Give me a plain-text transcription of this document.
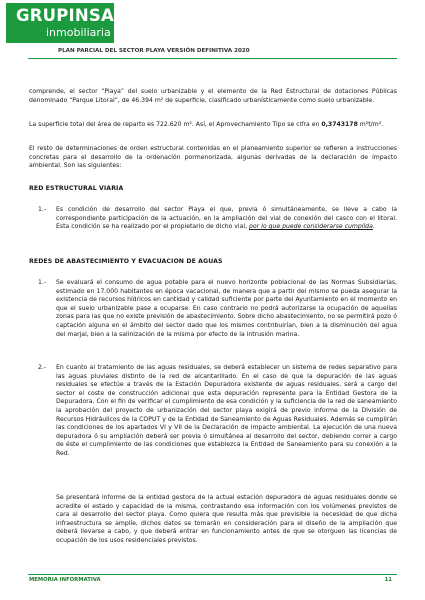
GRUPINSA
inmobiliaria
PLAN PARCIAL DEL SECTOR PLAYA VERSIÓN DEFINITIVA 2020

comprende, el sector “Playa” del suelo urbanizable y el elemento de la Red Estructural de dotaciones Públicas denominado “Parque Litoral”, de 46.394 m² de superficie, clasificado urbanísticamente como suelo urbanizable.

La superficie total del área de reparto es 722.620 m². Así, el Aprovechamiento Tipo se cifra en 0,3743178 m²t/m².

El resto de determinaciones de orden estructural contenidas en el planeamiento superior se refieren a instrucciones concretas para el desarrollo de la ordenación pormenorizada, algunas derivadas de la declaración de impacto ambiental. Son las siguientes:

RED ESTRUCTURAL VIARIA
1.- Es condición de desarrollo del sector Playa el que, previa ó simultáneamente, se lleve a cabo la correspondiente participación de la actuación, en la ampliación del vial de conexión del casco con el litoral. Esta condición se ha realizado por el propietario de dicho vial, por lo que puede considerarse cumplida.
REDES DE ABASTECIMIENTO Y EVACUACION DE AGUAS
1.- Se evaluará el consumo de agua potable para el nuevo horizonte poblacional de las Normas Subsidiarias, estimado en 17.000 habitantes en época vacacional, de manera que a partir del mismo se pueda asegurar la existencia de recursos hídricos en cantidad y calidad suficiente por parte del Ayuntamiento en el momento en que el suelo urbanizable pase a ocuparse. En caso contrario no podrá autorizarse la ocupación de aquellas zonas para las que no existe previsión de abastecimiento. Sobre dicho abastecimiento, no se permitirá pozo ó captación alguna en el ámbito del sector dado que los mismos contribuirían, bien a la disminución del agua del marjal, bien a la salinización de la misma por efecto de la intrusión marina.
2.- En cuanto al tratamiento de las aguas residuales, se deberá establecer un sistema de redes separativo para las aguas pluviales distinto de la red de alcantarillado. En el caso de que la depuración de las aguas residuales se efectúe a través de la Estación Depuradora existente de aguas residuales, será a cargo del sector el coste de construcción adicional que esta depuración represente para la Entidad Gestora de la Depuradora. Con el fin de verificar el cumplimiento de esa condición y la suficiencia de la red de saneamiento la aprobación del proyecto de urbanización del sector playa exigirá de previo informe de la División de Recursos Hidráulicos de la COPUT y de la Entidad de Saneamiento de Aguas Residuales. Además se cumplirán las condiciones de los apartados VI y VII de la Declaración de impacto ambiental. La ejecución de una nueva depuradora ó su ampliación deberá ser previa ó simultánea al desarrollo del sector, debiendo correr a cargo de éste el cumplimiento de las condiciones que establezca la Entidad de Saneamiento para su conexión a la Red.

Se presentará informe de la entidad gestora de la actual estación depuradora de aguas residuales donde se acredite el estado y capacidad de la misma, contrastando esa información con los volúmenes previstos de cara al desarrollo del sector playa. Como quiera que resulta más que previsible la necesidad de que dicha infraestructura se amplíe, dichos datos se tomarán en consideración para el diseño de la ampliación que deberá llevarse a cabo, y que deberá entrar en funcionamiento antes de que se otorguen las licencias de ocupación de los usos residenciales previstos.

MEMORIA INFORMATIVA	11
